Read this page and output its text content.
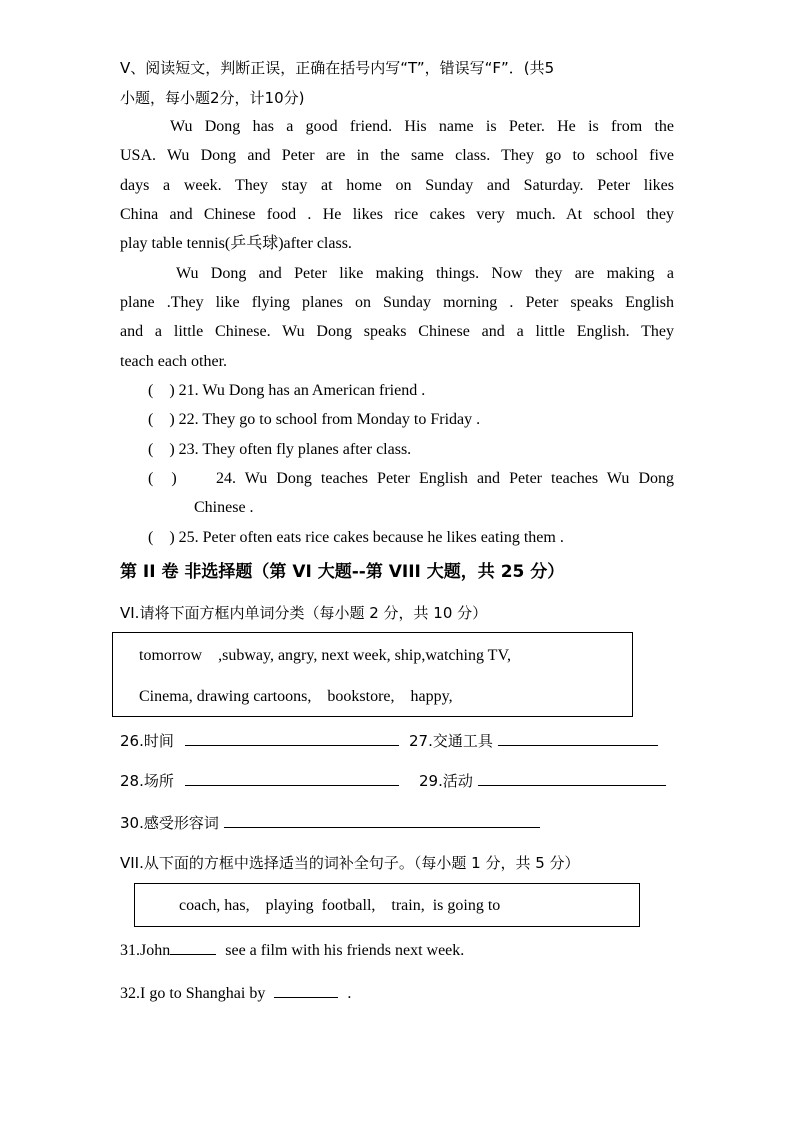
V、阅读短文，判断正误，正确在括号内写“T”，错误写“F”．(共5
小题，每小题2分，计10分)
Wu Dong has a good friend. His name is Peter. He is from the
USA. Wu Dong and Peter are in the same class. They go to school five
days a week. They stay at home on Sunday and Saturday. Peter likes
China and Chinese food . He likes rice cakes very much. At school they
play table tennis(乒乓球)after class.
Wu Dong and Peter like making things. Now they are making a
plane .They like flying planes on Sunday morning . Peter speaks English
and a little Chinese. Wu Dong speaks Chinese and a little English. They
teach each other.
( ) 21. Wu Dong has an American friend .
( ) 22. They go to school from Monday to Friday .
( ) 23. They often fly planes after class.
( ) 24. Wu Dong teaches Peter English and Peter teaches Wu Dong
Chinese .
( ) 25. Peter often eats rice cakes because he likes eating them .
第 II 卷 非选择题（第 VI 大题--第 VIII 大题，共 25 分）
VI.请将下面方框内单词分类（每小题 2 分，共 10 分）
tomorrow    ,subway, angry, next week, ship,watching TV,
Cinema, drawing cartoons,    bookstore,    happy,
26.时间	27.交通工具
28.场所	29.活动
30.感受形容词
VII.从下面的方框中选择适当的词补全句子。（每小题 1 分，共 5 分）
coach, has,    playing  football,    train,  is going to
31.John	see a film with his friends next week.
32.I go to Shanghai by	.
